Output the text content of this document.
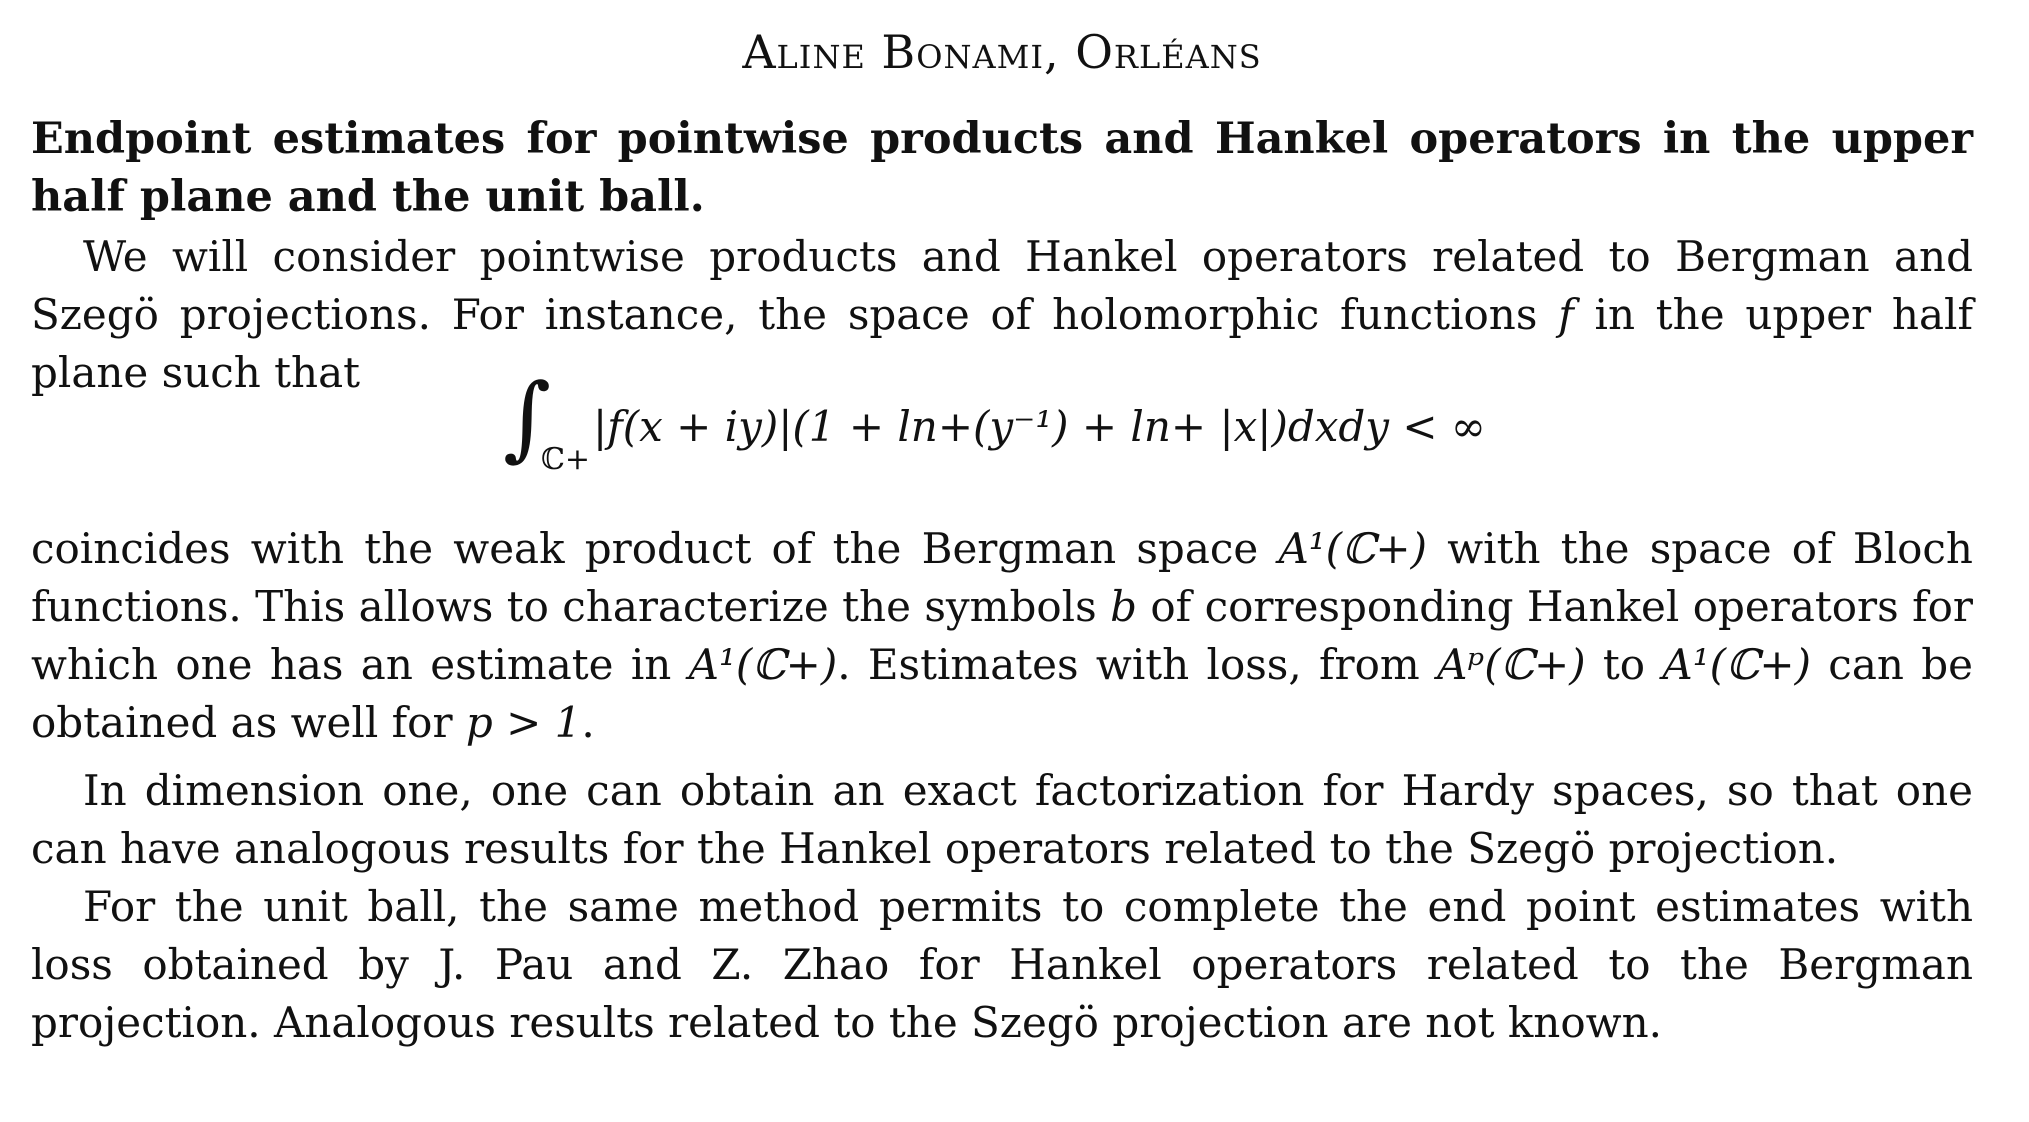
Aline Bonami, Orléans

Endpoint estimates for pointwise products and Hankel operators in the upper half plane and the unit ball.

We will consider pointwise products and Hankel operators related to Bergman and Szegö projections. For instance, the space of holomorphic functions f in the upper half plane such that	∫
ℂ+
|f(x + iy)|(1 + ln+(y⁻¹) + ln+ |x|)dxdy < ∞

coincides with the weak product of the Bergman space A¹(ℂ+) with the space of Bloch functions. This allows to characterize the symbols b of corresponding Hankel operators for which one has an estimate in A¹(ℂ+). Estimates with loss, from Aᵖ(ℂ+) to A¹(ℂ+) can be obtained as well for p > 1.

In dimension one, one can obtain an exact factorization for Hardy spaces, so that one can have analogous results for the Hankel operators related to the Szegö projection.

For the unit ball, the same method permits to complete the end point estimates with loss obtained by J. Pau and Z. Zhao for Hankel operators related to the Bergman projection. Analogous results related to the Szegö projection are not known.
